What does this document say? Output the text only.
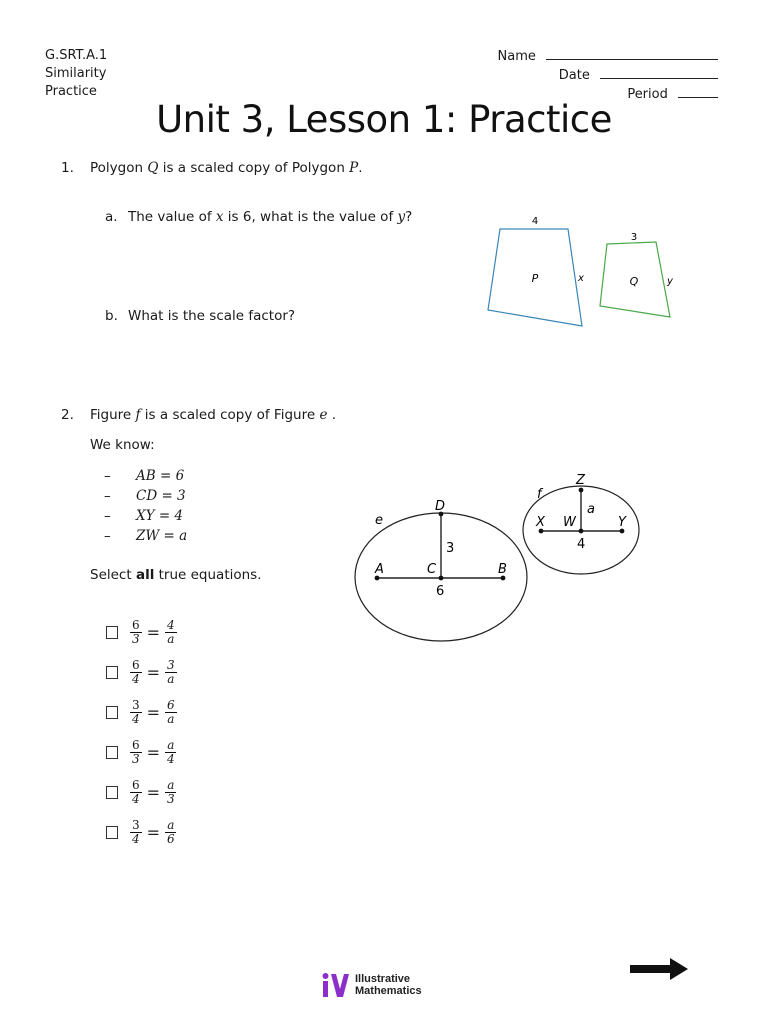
G.SRT.A.1
Similarity
Practice
Name
Date
Period
Unit 3, Lesson 1: Practice
1. Polygon Q is a scaled copy of Polygon P.
a. The value of x is 6, what is the value of y?
b. What is the scale factor?
4
P	x
3
Q	y
2. Figure f is a scaled copy of Figure e .
We know:
–	AB = 6
–	CD = 3
–	XY = 4
–	ZW = a
Select all true equations.
$\frac{6}{3} = \frac{4}{a}$
$\frac{6}{4} = \frac{3}{a}$
$\frac{3}{4} = \frac{6}{a}$
$\frac{6}{3} = \frac{a}{4}$
$\frac{6}{4} = \frac{a}{3}$
$\frac{3}{4} = \frac{a}{6}$
e
A	B
C
D
3
6
f
X	Y
W
Z
a
4
Illustrative
Mathematics
